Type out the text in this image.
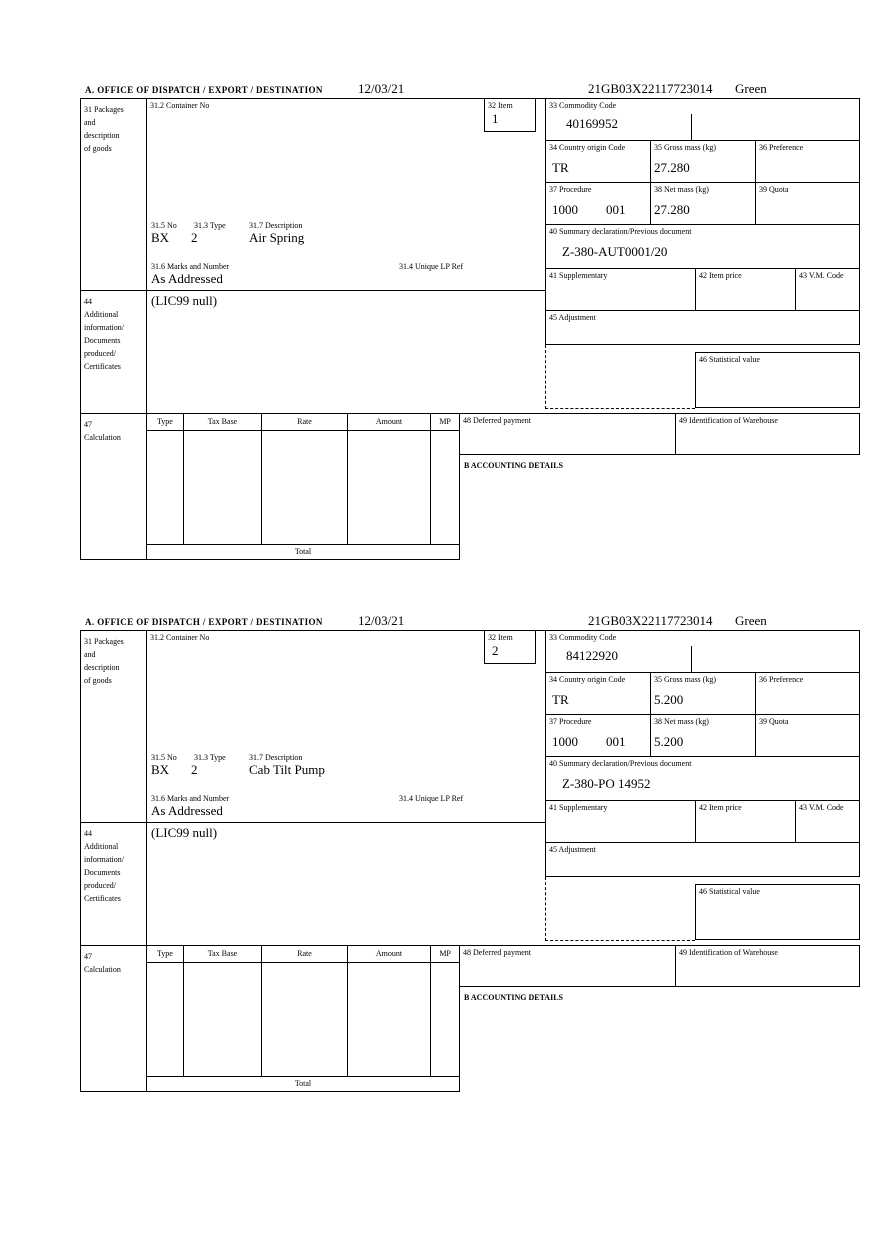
A. OFFICE OF DISPATCH / EXPORT / DESTINATION	12/03/21	21GB03X22117723014 Green
31 Packages
and
description
of goods
31.2 Container No	32 Item
1
31.5 No 31.3 Type	31.7 Description
BX 2	Air Spring
31.6 Marks and Number	31.4 Unique LP Ref
As Addressed
33 Commodity Code
40169952
34 Country origin Code
TR
35 Gross mass (kg)
27.280
36 Preference
37 Procedure
1000 001
38 Net mass (kg)
27.280
39 Quota
40 Summary declaration/Previous document
Z-380-AUT0001/20
41 Supplementary	42 Item price	43 V.M. Code
45 Adjustment
46 Statistical value
44
Additional
information/
Documents
produced/
Certificates
(LIC99 null)
47
Calculation
Type	Tax Base	Rate	Amount	MP
Total
48 Deferred payment	49 Identification of Warehouse
B ACCOUNTING DETAILS
A. OFFICE OF DISPATCH / EXPORT / DESTINATION	12/03/21	21GB03X22117723014 Green
31 Packages
and
description
of goods
31.2 Container No	32 Item
2
31.5 No 31.3 Type	31.7 Description
BX 2	Cab Tilt Pump
31.6 Marks and Number	31.4 Unique LP Ref
As Addressed
33 Commodity Code
84122920
34 Country origin Code
TR
35 Gross mass (kg)
5.200
36 Preference
37 Procedure
1000 001
38 Net mass (kg)
5.200
39 Quota
40 Summary declaration/Previous document
Z-380-PO 14952
41 Supplementary	42 Item price	43 V.M. Code
45 Adjustment
46 Statistical value
44
Additional
information/
Documents
produced/
Certificates
(LIC99 null)
47
Calculation
Type	Tax Base	Rate	Amount	MP
Total
48 Deferred payment	49 Identification of Warehouse
B ACCOUNTING DETAILS
